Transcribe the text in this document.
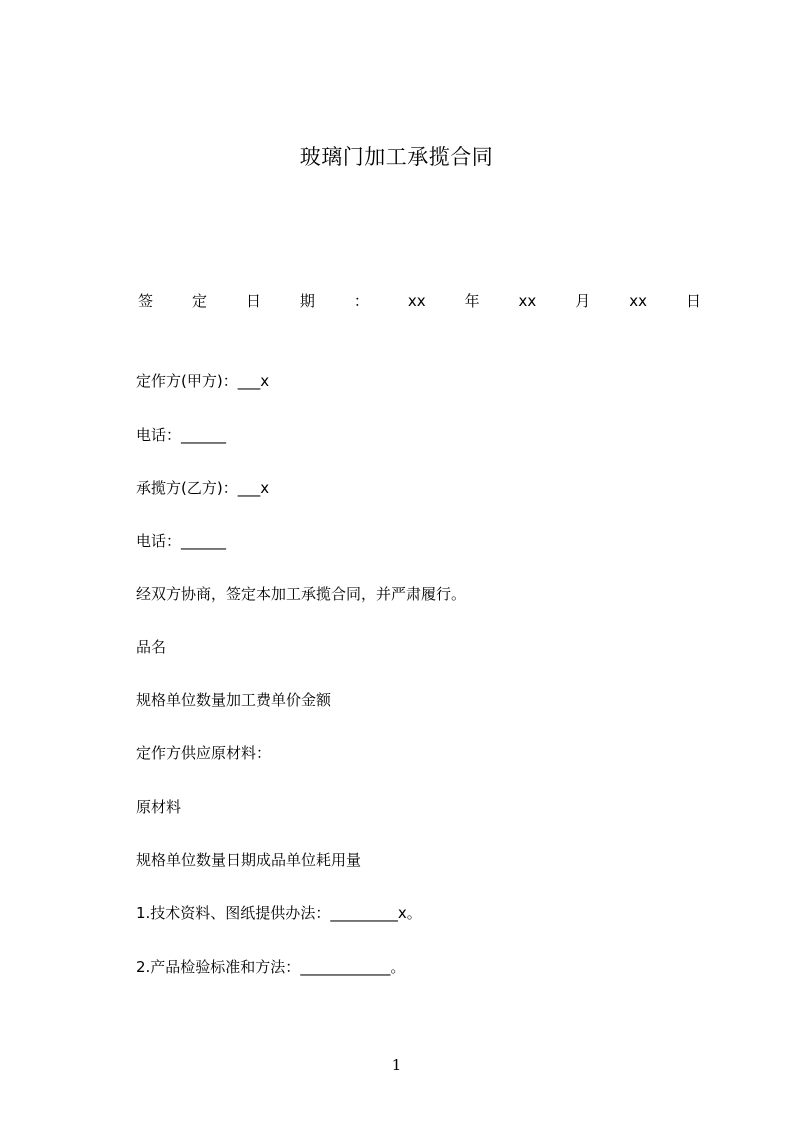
玻璃门加工承揽合同
签	定	日	期	：	xx	年	xx	月	xx	日
定作方(甲方)：___x
电话：______
承揽方(乙方)：___x
电话：______
经双方协商，签定本加工承揽合同，并严肃履行。
品名
规格单位数量加工费单价金额
定作方供应原材料：
原材料
规格单位数量日期成品单位耗用量
1.技术资料、图纸提供办法：_________x。
2.产品检验标准和方法：____________。
1
